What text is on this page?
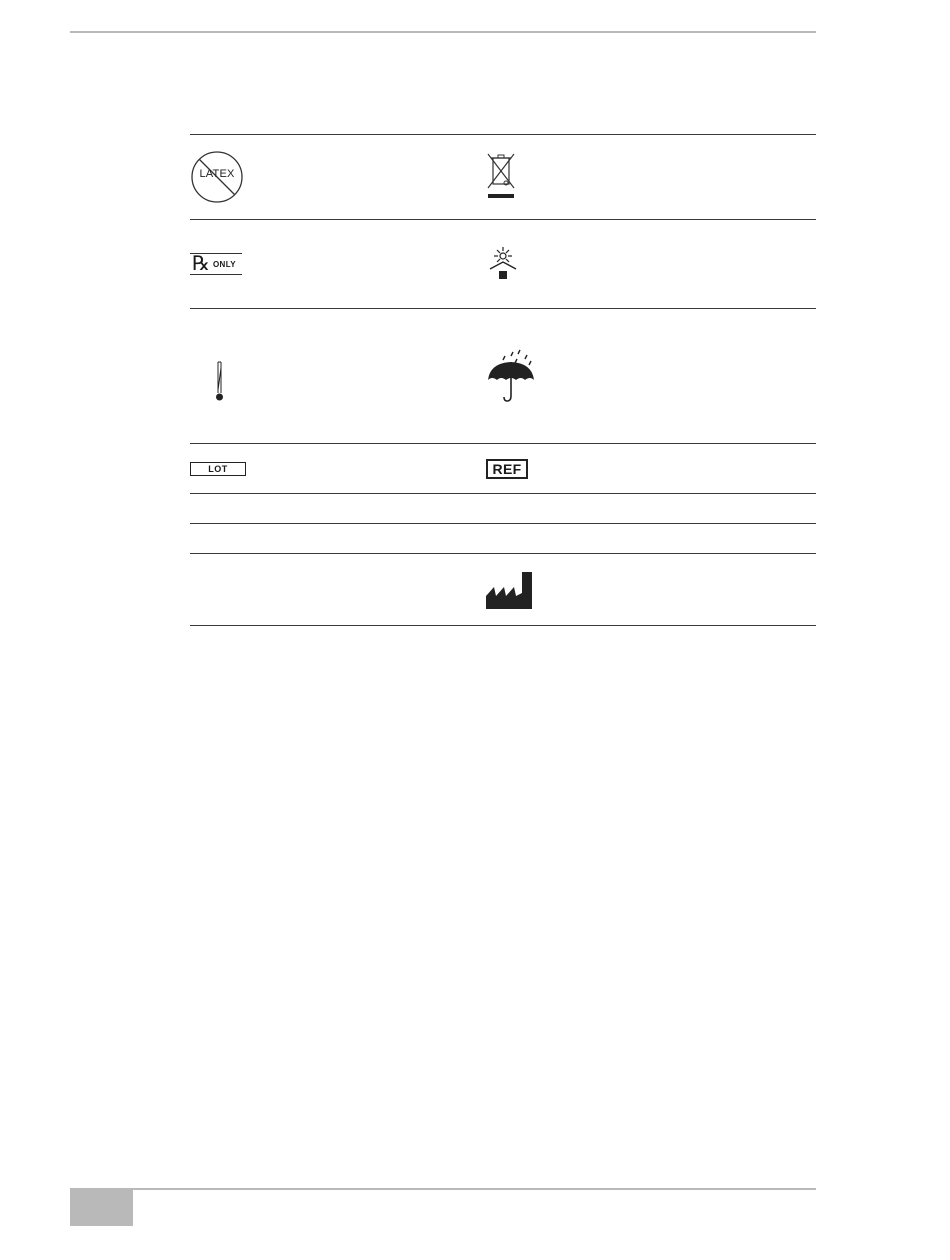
LATEX
℞ ONLY
LOT	REF
